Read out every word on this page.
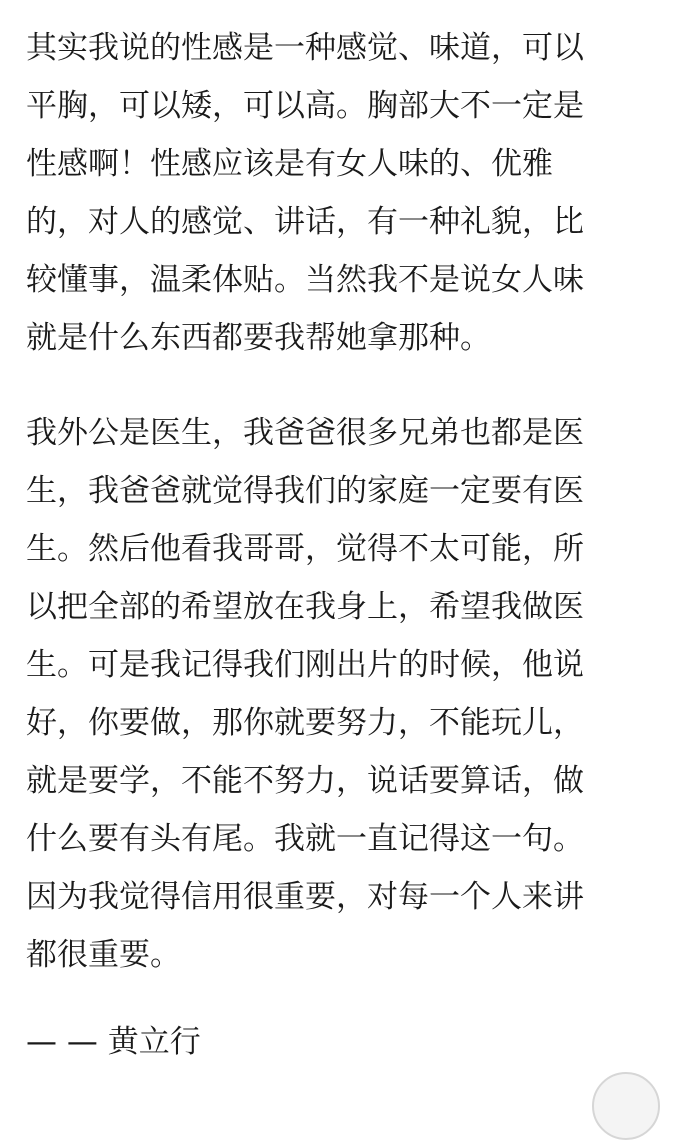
其实我说的性感是一种感觉、味道，可以
平胸，可以矮，可以高。胸部大不一定是
性感啊！性感应该是有女人味的、优雅
的，对人的感觉、讲话，有一种礼貌，比
较懂事，温柔体贴。当然我不是说女人味
就是什么东西都要我帮她拿那种。
我外公是医生，我爸爸很多兄弟也都是医
生，我爸爸就觉得我们的家庭一定要有医
生。然后他看我哥哥，觉得不太可能，所
以把全部的希望放在我身上，希望我做医
生。可是我记得我们刚出片的时候，他说
好，你要做，那你就要努力，不能玩儿，
就是要学，不能不努力，说话要算话，做
什么要有头有尾。我就一直记得这一句。
因为我觉得信用很重要，对每一个人来讲
都很重要。
— — 黄立行
